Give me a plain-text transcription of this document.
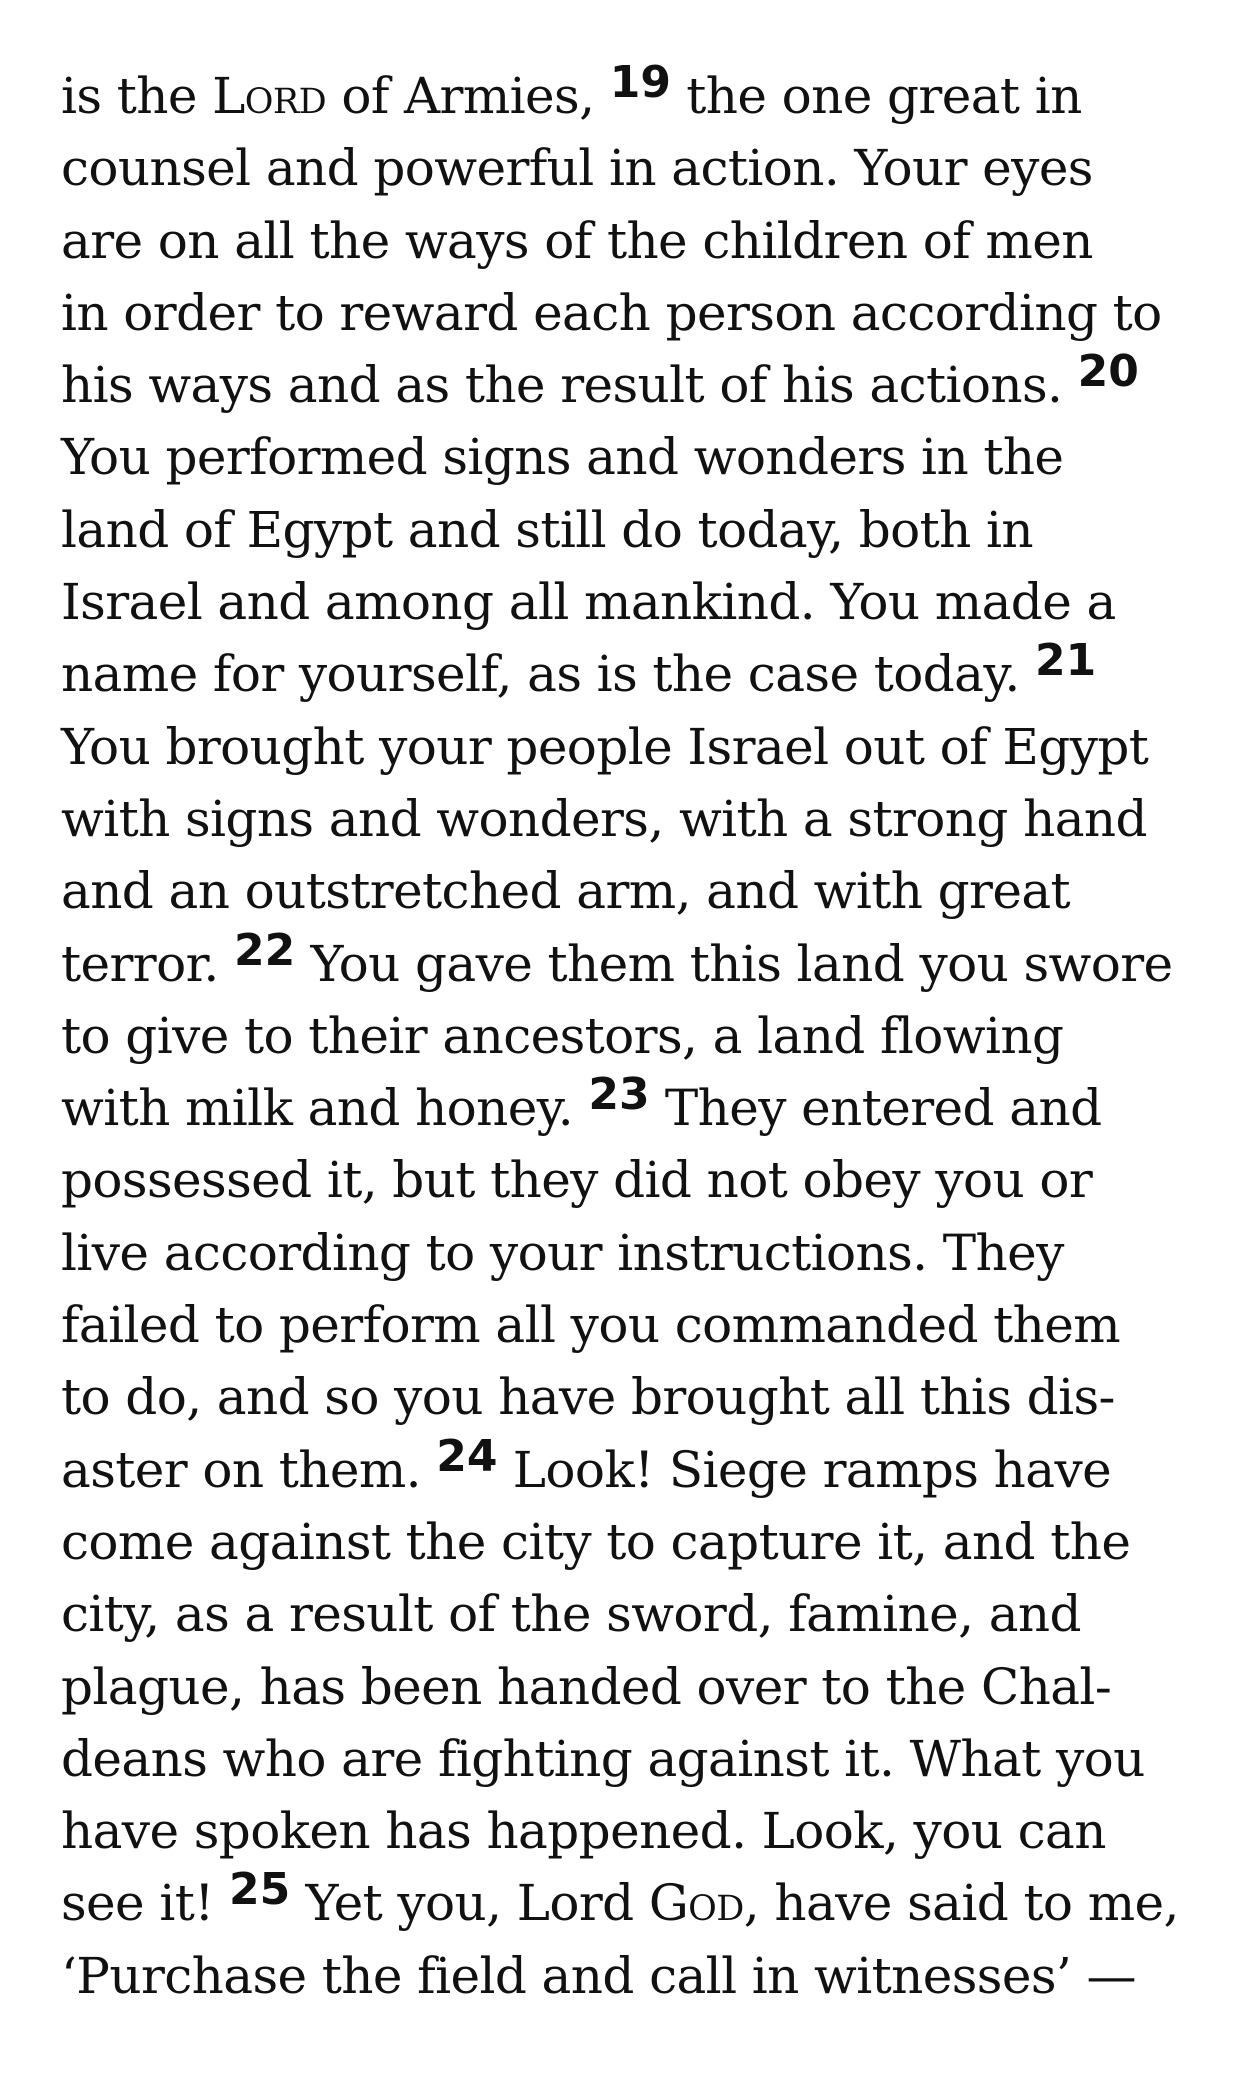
is the Lord of Armies, 19 the one great in
counsel and powerful in action. Your eyes
are on all the ways of the children of men
in order to reward each person according to
his ways and as the result of his actions. 20
You performed signs and wonders in the
land of Egypt and still do today, both in
Israel and among all mankind. You made a
name for yourself, as is the case today. 21
You brought your people Israel out of Egypt
with signs and wonders, with a strong hand
and an outstretched arm, and with great
terror. 22 You gave them this land you swore
to give to their ancestors, a land flowing
with milk and honey. 23 They entered and
possessed it, but they did not obey you or
live according to your instructions. They
failed to perform all you commanded them
to do, and so you have brought all this dis-
aster on them. 24 Look! Siege ramps have
come against the city to capture it, and the
city, as a result of the sword, famine, and
plague, has been handed over to the Chal-
deans who are fighting against it. What you
have spoken has happened. Look, you can
see it! 25 Yet you, Lord God, have said to me,
‘Purchase the field and call in witnesses’ —
